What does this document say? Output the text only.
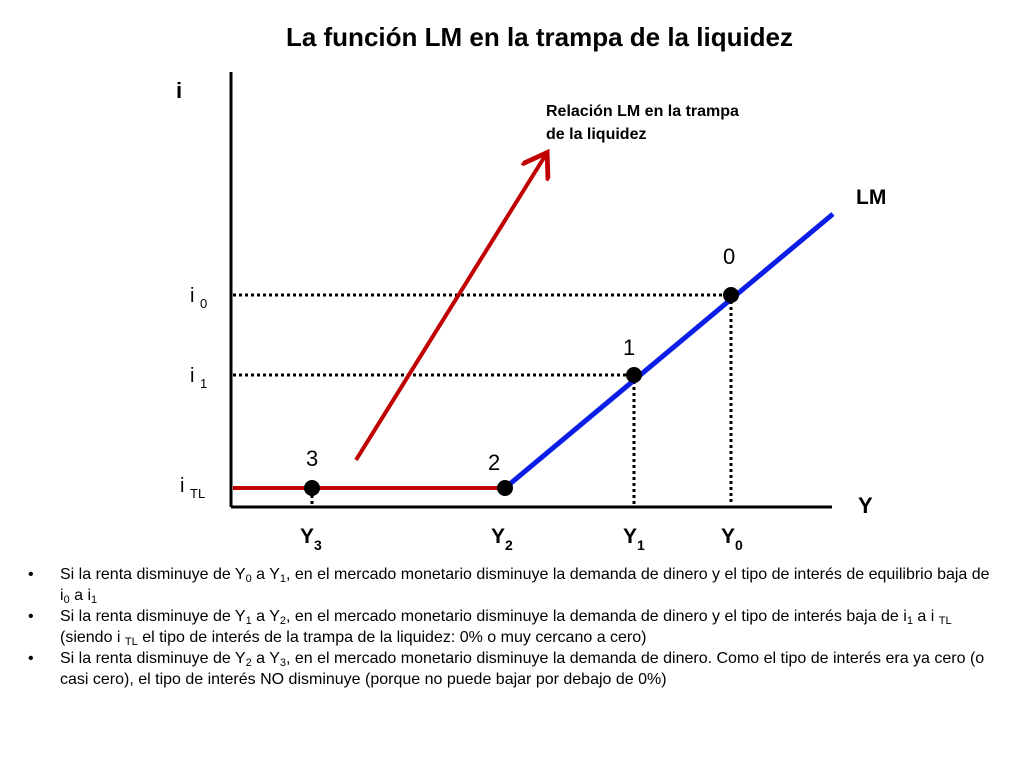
La función LM en la trampa de la liquidez
i
Y
0
1
2
3
LM
Relación LM en la trampa
de la liquidez
i $_0$
i $_1$
i $_{TL}$
$Y_3$	$Y_2$	$Y_1$	$Y_0$
• Si la renta disminuye de $Y_0$ a $Y_1$, en el mercado monetario disminuye la demanda de dinero y el tipo de interés de equilibrio baja de $i_0$ a $i_1$
• Si la renta disminuye de $Y_1$ a $Y_2$, en el mercado monetario disminuye la demanda de dinero y el tipo de interés baja de $i_1$ a i $_{TL}$ (siendo i $_{TL}$ el tipo de interés de la trampa de la liquidez: 0% o muy cercano a cero)
• Si la renta disminuye de $Y_2$ a $Y_3$, en el mercado monetario disminuye la demanda de dinero. Como el tipo de interés era ya cero (o casi cero), el tipo de interés NO disminuye (porque no puede bajar por debajo de 0%)
